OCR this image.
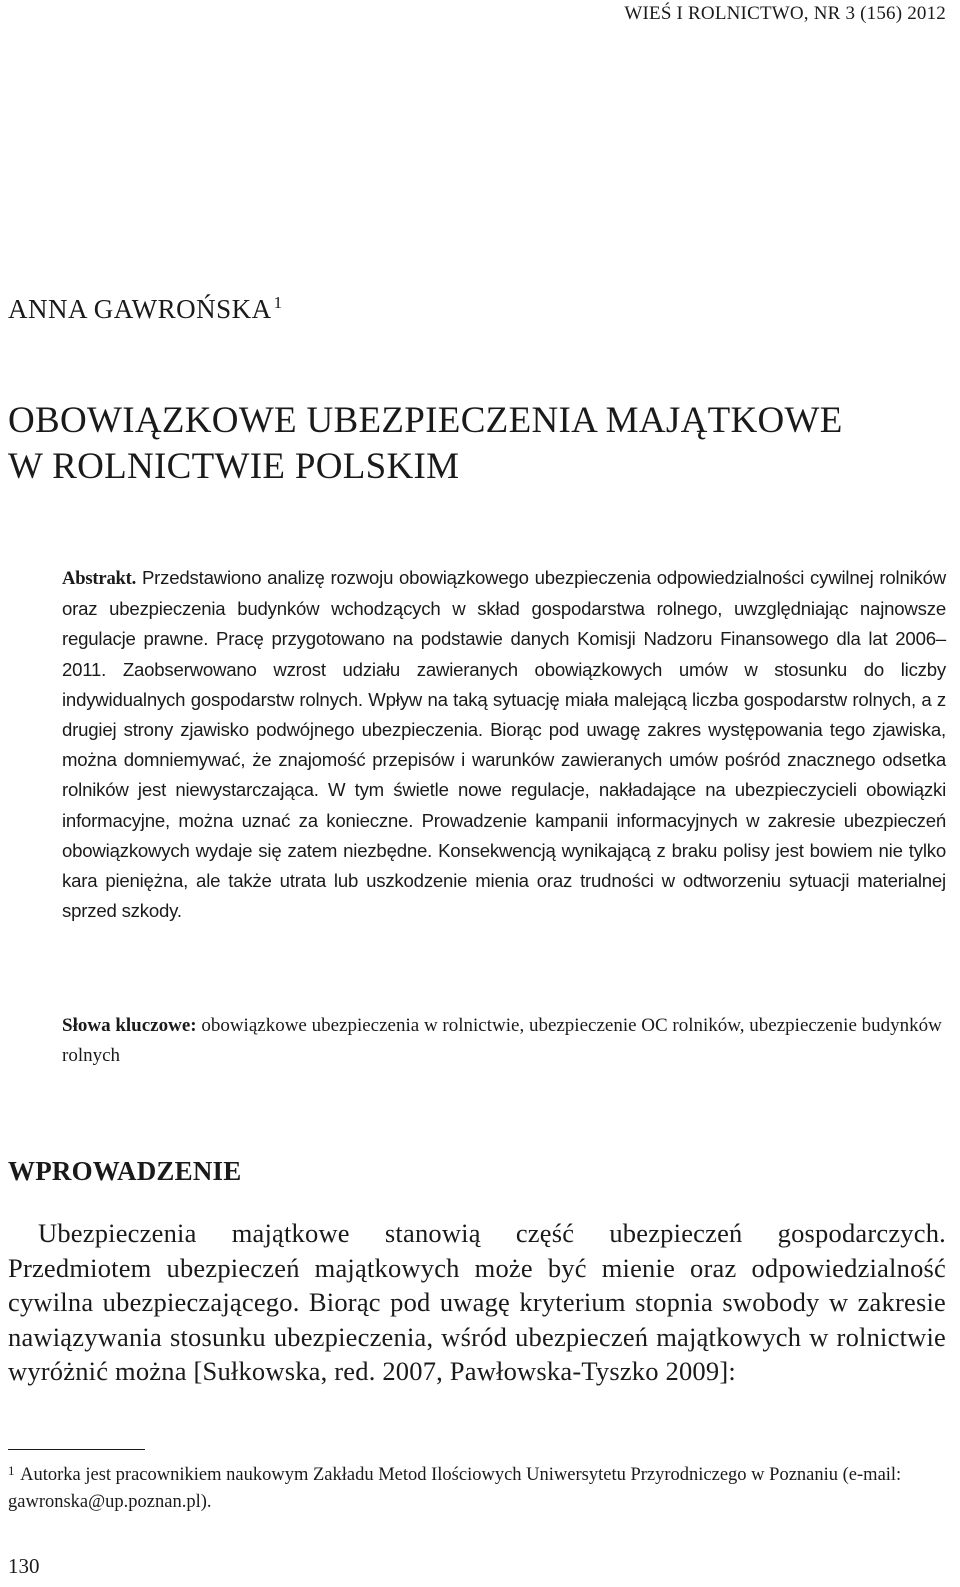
WIEŚ I ROLNICTWO, NR 3 (156) 2012
ANNA GAWROŃSKA $^1$
OBOWIĄZKOWE UBEZPIECZENIA MAJĄTKOWE
W ROLNICTWIE POLSKIM

Abstrakt. Przedstawiono analizę rozwoju obowiązkowego ubezpieczenia odpowiedzialności cywilnej rolników oraz ubezpieczenia budynków wchodzących w skład gospodarstwa rolnego, uwzględniając najnowsze regulacje prawne. Pracę przygotowano na podstawie danych Komisji Nadzoru Finansowego dla lat 2006–2011. Zaobserwowano wzrost udziału zawieranych obowiązkowych umów w stosunku do liczby indywidualnych gospodarstw rolnych. Wpływ na taką sytuację miała malejącą liczba gospodarstw rolnych, a z drugiej strony zjawisko podwójnego ubezpieczenia. Biorąc pod uwagę zakres występowania tego zjawiska, można domniemywać, że znajomość przepisów i warunków zawieranych umów pośród znacznego odsetka rolników jest niewystarczająca. W tym świetle nowe regulacje, nakładające na ubezpieczycieli obowiązki informacyjne, można uznać za konieczne. Prowadzenie kampanii informacyjnych w zakresie ubezpieczeń obowiązkowych wydaje się zatem niezbędne. Konsekwencją wynikającą z braku polisy jest bowiem nie tylko kara pieniężna, ale także utrata lub uszkodzenie mienia oraz trudności w odtworzeniu sytuacji materialnej sprzed szkody.

Słowa kluczowe: obowiązkowe ubezpieczenia w rolnictwie, ubezpieczenie OC rolników, ubezpieczenie budynków rolnych

WPROWADZENIE

Ubezpieczenia majątkowe stanowią część ubezpieczeń gospodarczych. Przedmiotem ubezpieczeń majątkowych może być mienie oraz odpowiedzialność cywilna ubezpieczającego. Biorąc pod uwagę kryterium stopnia swobody w zakresie nawiązywania stosunku ubezpieczenia, wśród ubezpieczeń majątkowych w rolnictwie wyróżnić można [Sułkowska, red. 2007, Pawłowska-Tyszko 2009]:

$^1$ Autorka jest pracownikiem naukowym Zakładu Metod Ilościowych Uniwersytetu Przyrodniczego w Poznaniu (e-mail: gawronska@up.poznan.pl).

130
